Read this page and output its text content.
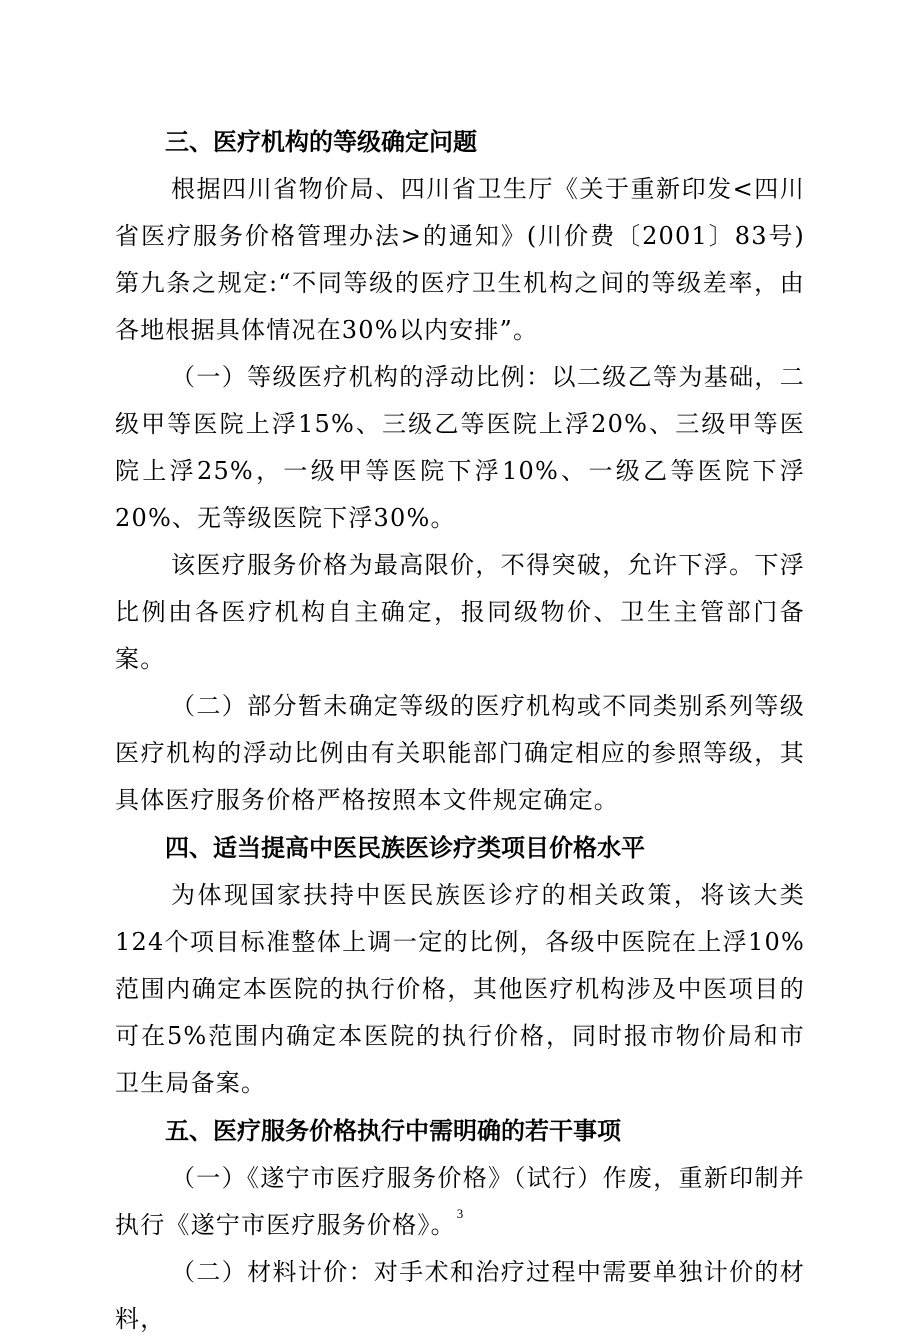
三、医疗机构的等级确定问题

根据四川省物价局、四川省卫生厅《关于重新印发<四川省医疗服务价格管理办法>的通知》(川价费〔2001〕83号)第九条之规定:“不同等级的医疗卫生机构之间的等级差率，由各地根据具体情况在30%以内安排”。

（一）等级医疗机构的浮动比例：以二级乙等为基础，二级甲等医院上浮15%、三级乙等医院上浮20%、三级甲等医院上浮25%，一级甲等医院下浮10%、一级乙等医院下浮20%、无等级医院下浮30%。

该医疗服务价格为最高限价，不得突破，允许下浮。下浮比例由各医疗机构自主确定，报同级物价、卫生主管部门备案。

（二）部分暂未确定等级的医疗机构或不同类别系列等级医疗机构的浮动比例由有关职能部门确定相应的参照等级，其具体医疗服务价格严格按照本文件规定确定。

四、适当提高中医民族医诊疗类项目价格水平

为体现国家扶持中医民族医诊疗的相关政策，将该大类124个项目标准整体上调一定的比例，各级中医院在上浮10%范围内确定本医院的执行价格，其他医疗机构涉及中医项目的可在5%范围内确定本医院的执行价格，同时报市物价局和市卫生局备案。

五、医疗服务价格执行中需明确的若干事项

（一）《遂宁市医疗服务价格》（试行）作废，重新印制并执行《遂宁市医疗服务价格》。

（二）材料计价：对手术和治疗过程中需要单独计价的材料，

3
